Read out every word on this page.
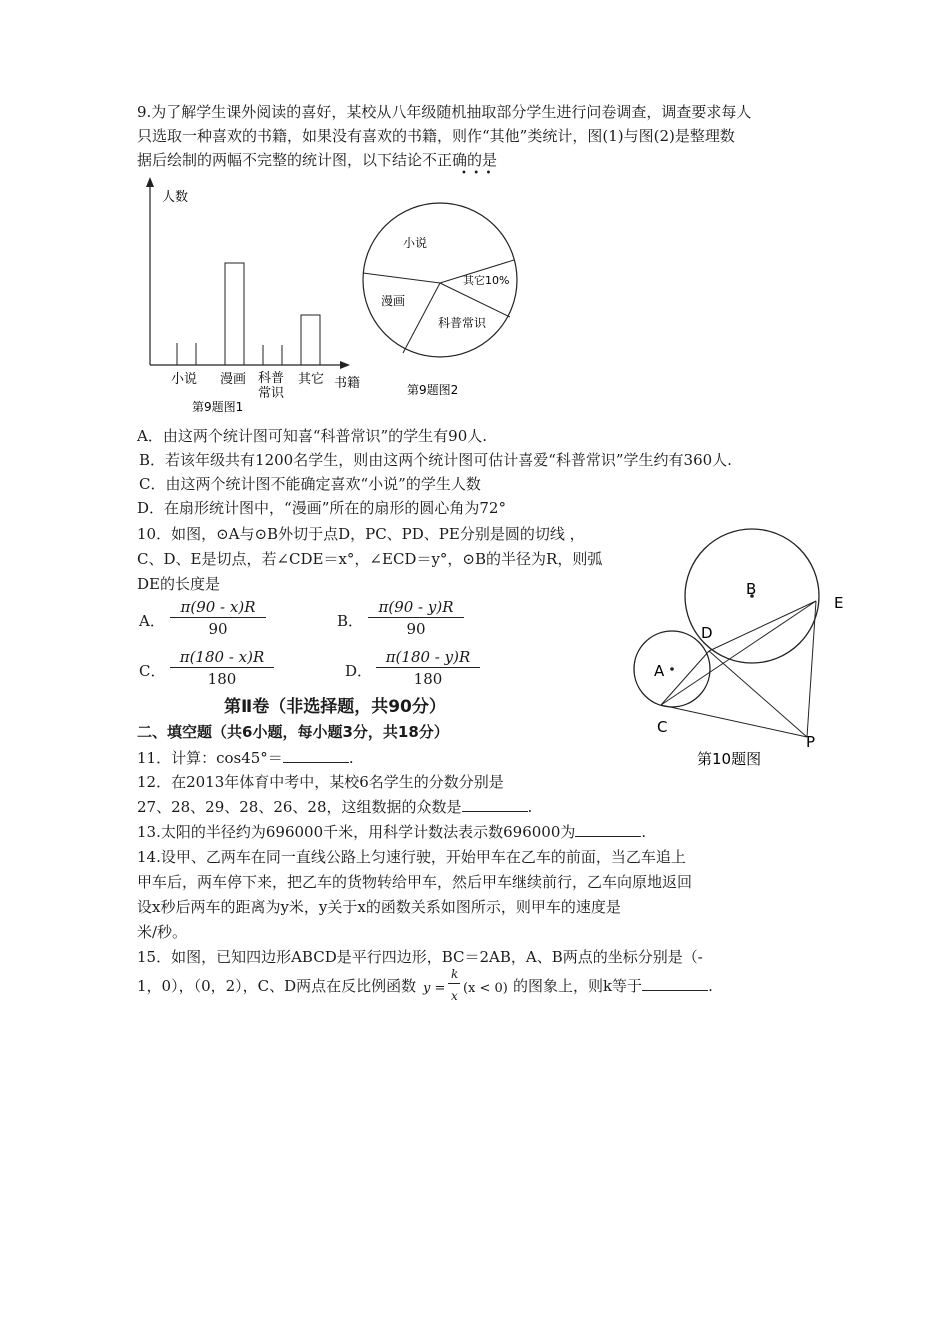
9.为了解学生课外阅读的喜好，某校从八年级随机抽取部分学生进行问卷调查，调查要求每人
只选取一种喜欢的书籍，如果没有喜欢的书籍，则作“其他”类统计，图(1)与图(2)是整理数
据后绘制的两幅不完整的统计图，以下结论不正确的是
•  •  •
人数
小说 漫画 科普
常识
其它 书籍
第9题图1
小说
漫画
科普常识
其它10%
第9题图2
A．由这两个统计图可知喜“科普常识”的学生有90人.
B．若该年级共有1200名学生，则由这两个统计图可估计喜爱“科普常识”学生约有360人.
C．由这两个统计图不能确定喜欢“小说”的学生人数
D．在扇形统计图中，“漫画”所在的扇形的圆心角为72°
10．如图，⊙A与⊙B外切于点D，PC、PD、PE分别是圆的切线 ，
C、D、E是切点，若∠CDE＝x°，∠ECD＝y°，⊙B的半径为R，则弧
DE的长度是
A． $\frac{\pi(90 - x)R}{90}$	B． $\frac{\pi(90 - y)R}{90}$
C． $\frac{\pi(180 - x)R}{180}$	D． $\frac{\pi(180 - y)R}{180}$
B
A
D
E
C
P
第10题图
第Ⅱ卷（非选择题，共90分）
二、填空题（共6小题，每小题3分，共18分）
11．计算：cos45°＝	.
12．在2013年体育中考中，某校6名学生的分数分别是
27、28、29、28、26、28，这组数据的众数是	.
13.太阳的半径约为696000千米，用科学计数法表示数696000为	.
14.设甲、乙两车在同一直线公路上匀速行驶，开始甲车在乙车的前面，当乙车追上
甲车后，两车停下来，把乙车的货物转给甲车，然后甲车继续前行，乙车向原地返回
设x秒后两车的距离为y米，y关于x的函数关系如图所示，则甲车的速度是
米/秒。
15．如图，已知四边形ABCD是平行四边形，BC＝2AB，A、B两点的坐标分别是（-
1，0），（0，2），C、D两点在反比例函数 y =
k
x (x < 0) 的图象上，则k等于	.
